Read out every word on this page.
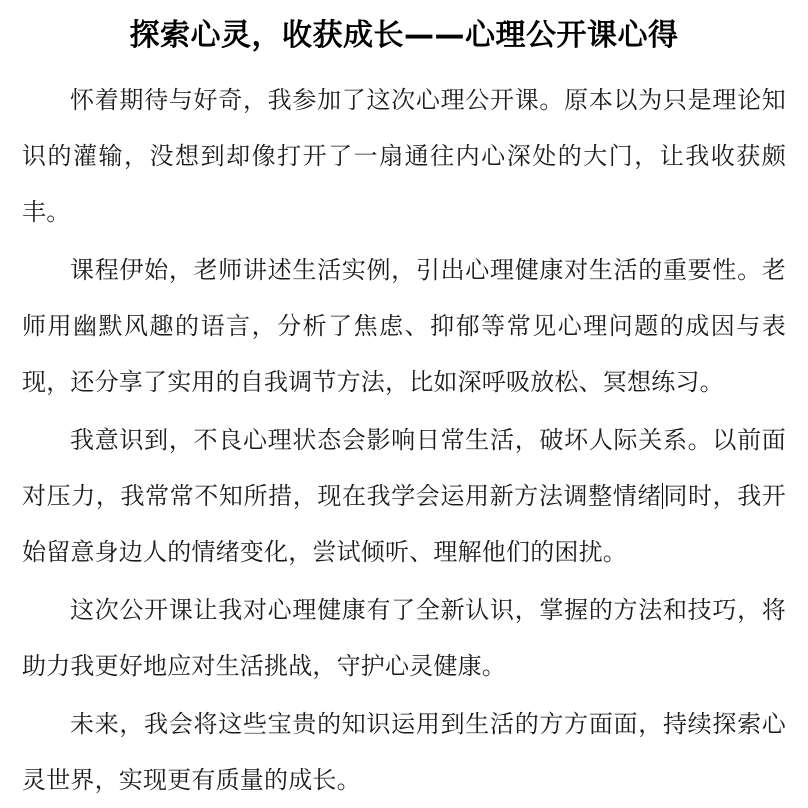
探索心灵，收获成长——心理公开课心得

怀着期待与好奇，我参加了这次心理公开课。原本以为只是理论知识的灌输，没想到却像打开了一扇通往内心深处的大门，让我收获颇丰。

课程伊始，老师讲述生活实例，引出心理健康对生活的重要性。老师用幽默风趣的语言，分析了焦虑、抑郁等常见心理问题的成因与表现，还分享了实用的自我调节方法，比如深呼吸放松、冥想练习。

我意识到，不良心理状态会影响日常生活，破坏人际关系。以前面对压力，我常常不知所措，现在我学会运用新方法调整情绪同时，我开始留意身边人的情绪变化，尝试倾听、理解他们的困扰。

这次公开课让我对心理健康有了全新认识，掌握的方法和技巧，将助力我更好地应对生活挑战，守护心灵健康。

未来，我会将这些宝贵的知识运用到生活的方方面面，持续探索心灵世界，实现更有质量的成长。
